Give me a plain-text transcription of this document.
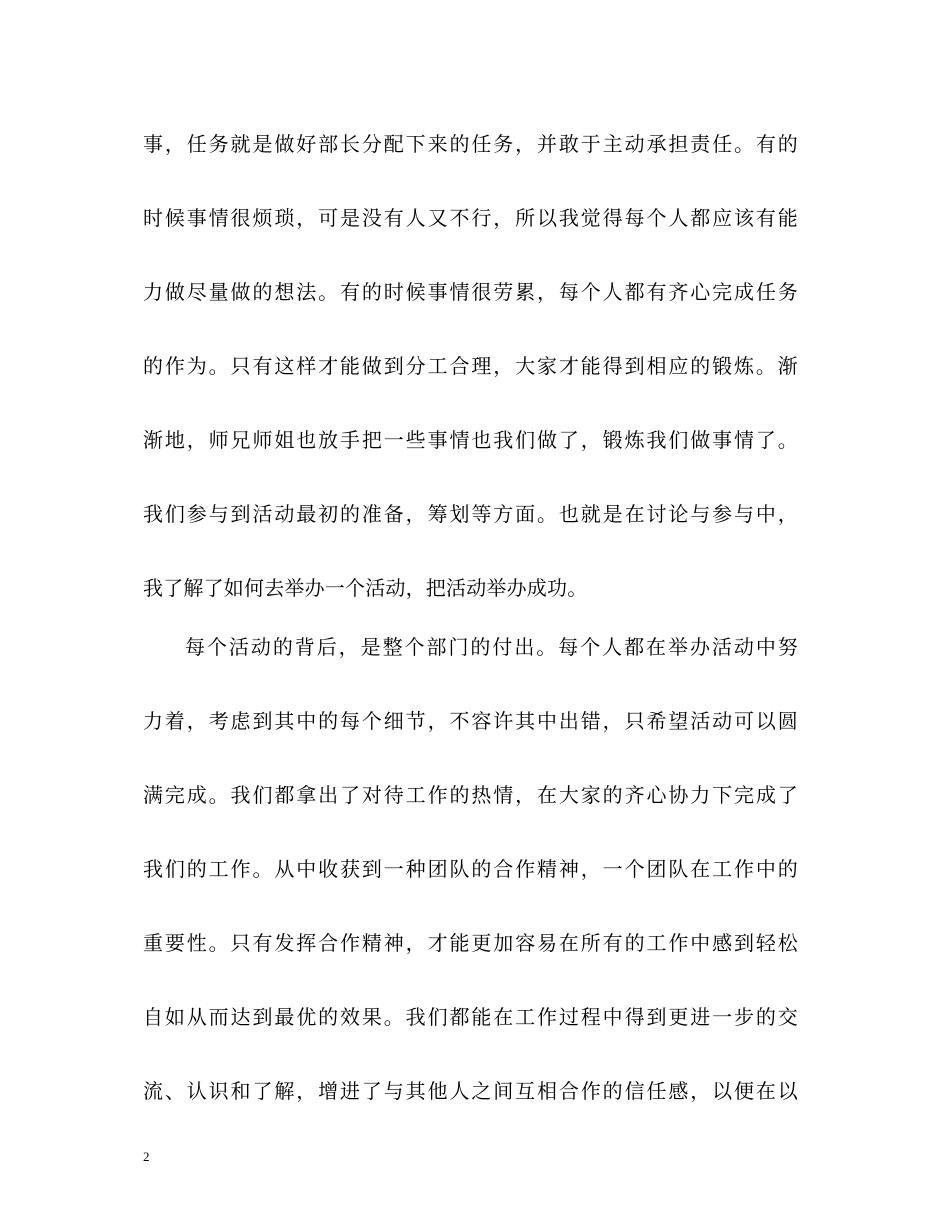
事，任务就是做好部长分配下来的任务，并敢于主动承担责任。有的
时候事情很烦琐，可是没有人又不行，所以我觉得每个人都应该有能
力做尽量做的想法。有的时候事情很劳累，每个人都有齐心完成任务
的作为。只有这样才能做到分工合理，大家才能得到相应的锻炼。渐
渐地，师兄师姐也放手把一些事情也我们做了，锻炼我们做事情了。
我们参与到活动最初的准备，筹划等方面。也就是在讨论与参与中，
我了解了如何去举办一个活动，把活动举办成功。
每个活动的背后，是整个部门的付出。每个人都在举办活动中努
力着，考虑到其中的每个细节，不容许其中出错，只希望活动可以圆
满完成。我们都拿出了对待工作的热情，在大家的齐心协力下完成了
我们的工作。从中收获到一种团队的合作精神，一个团队在工作中的
重要性。只有发挥合作精神，才能更加容易在所有的工作中感到轻松
自如从而达到最优的效果。我们都能在工作过程中得到更进一步的交
流、认识和了解，增进了与其他人之间互相合作的信任感，以便在以
2
